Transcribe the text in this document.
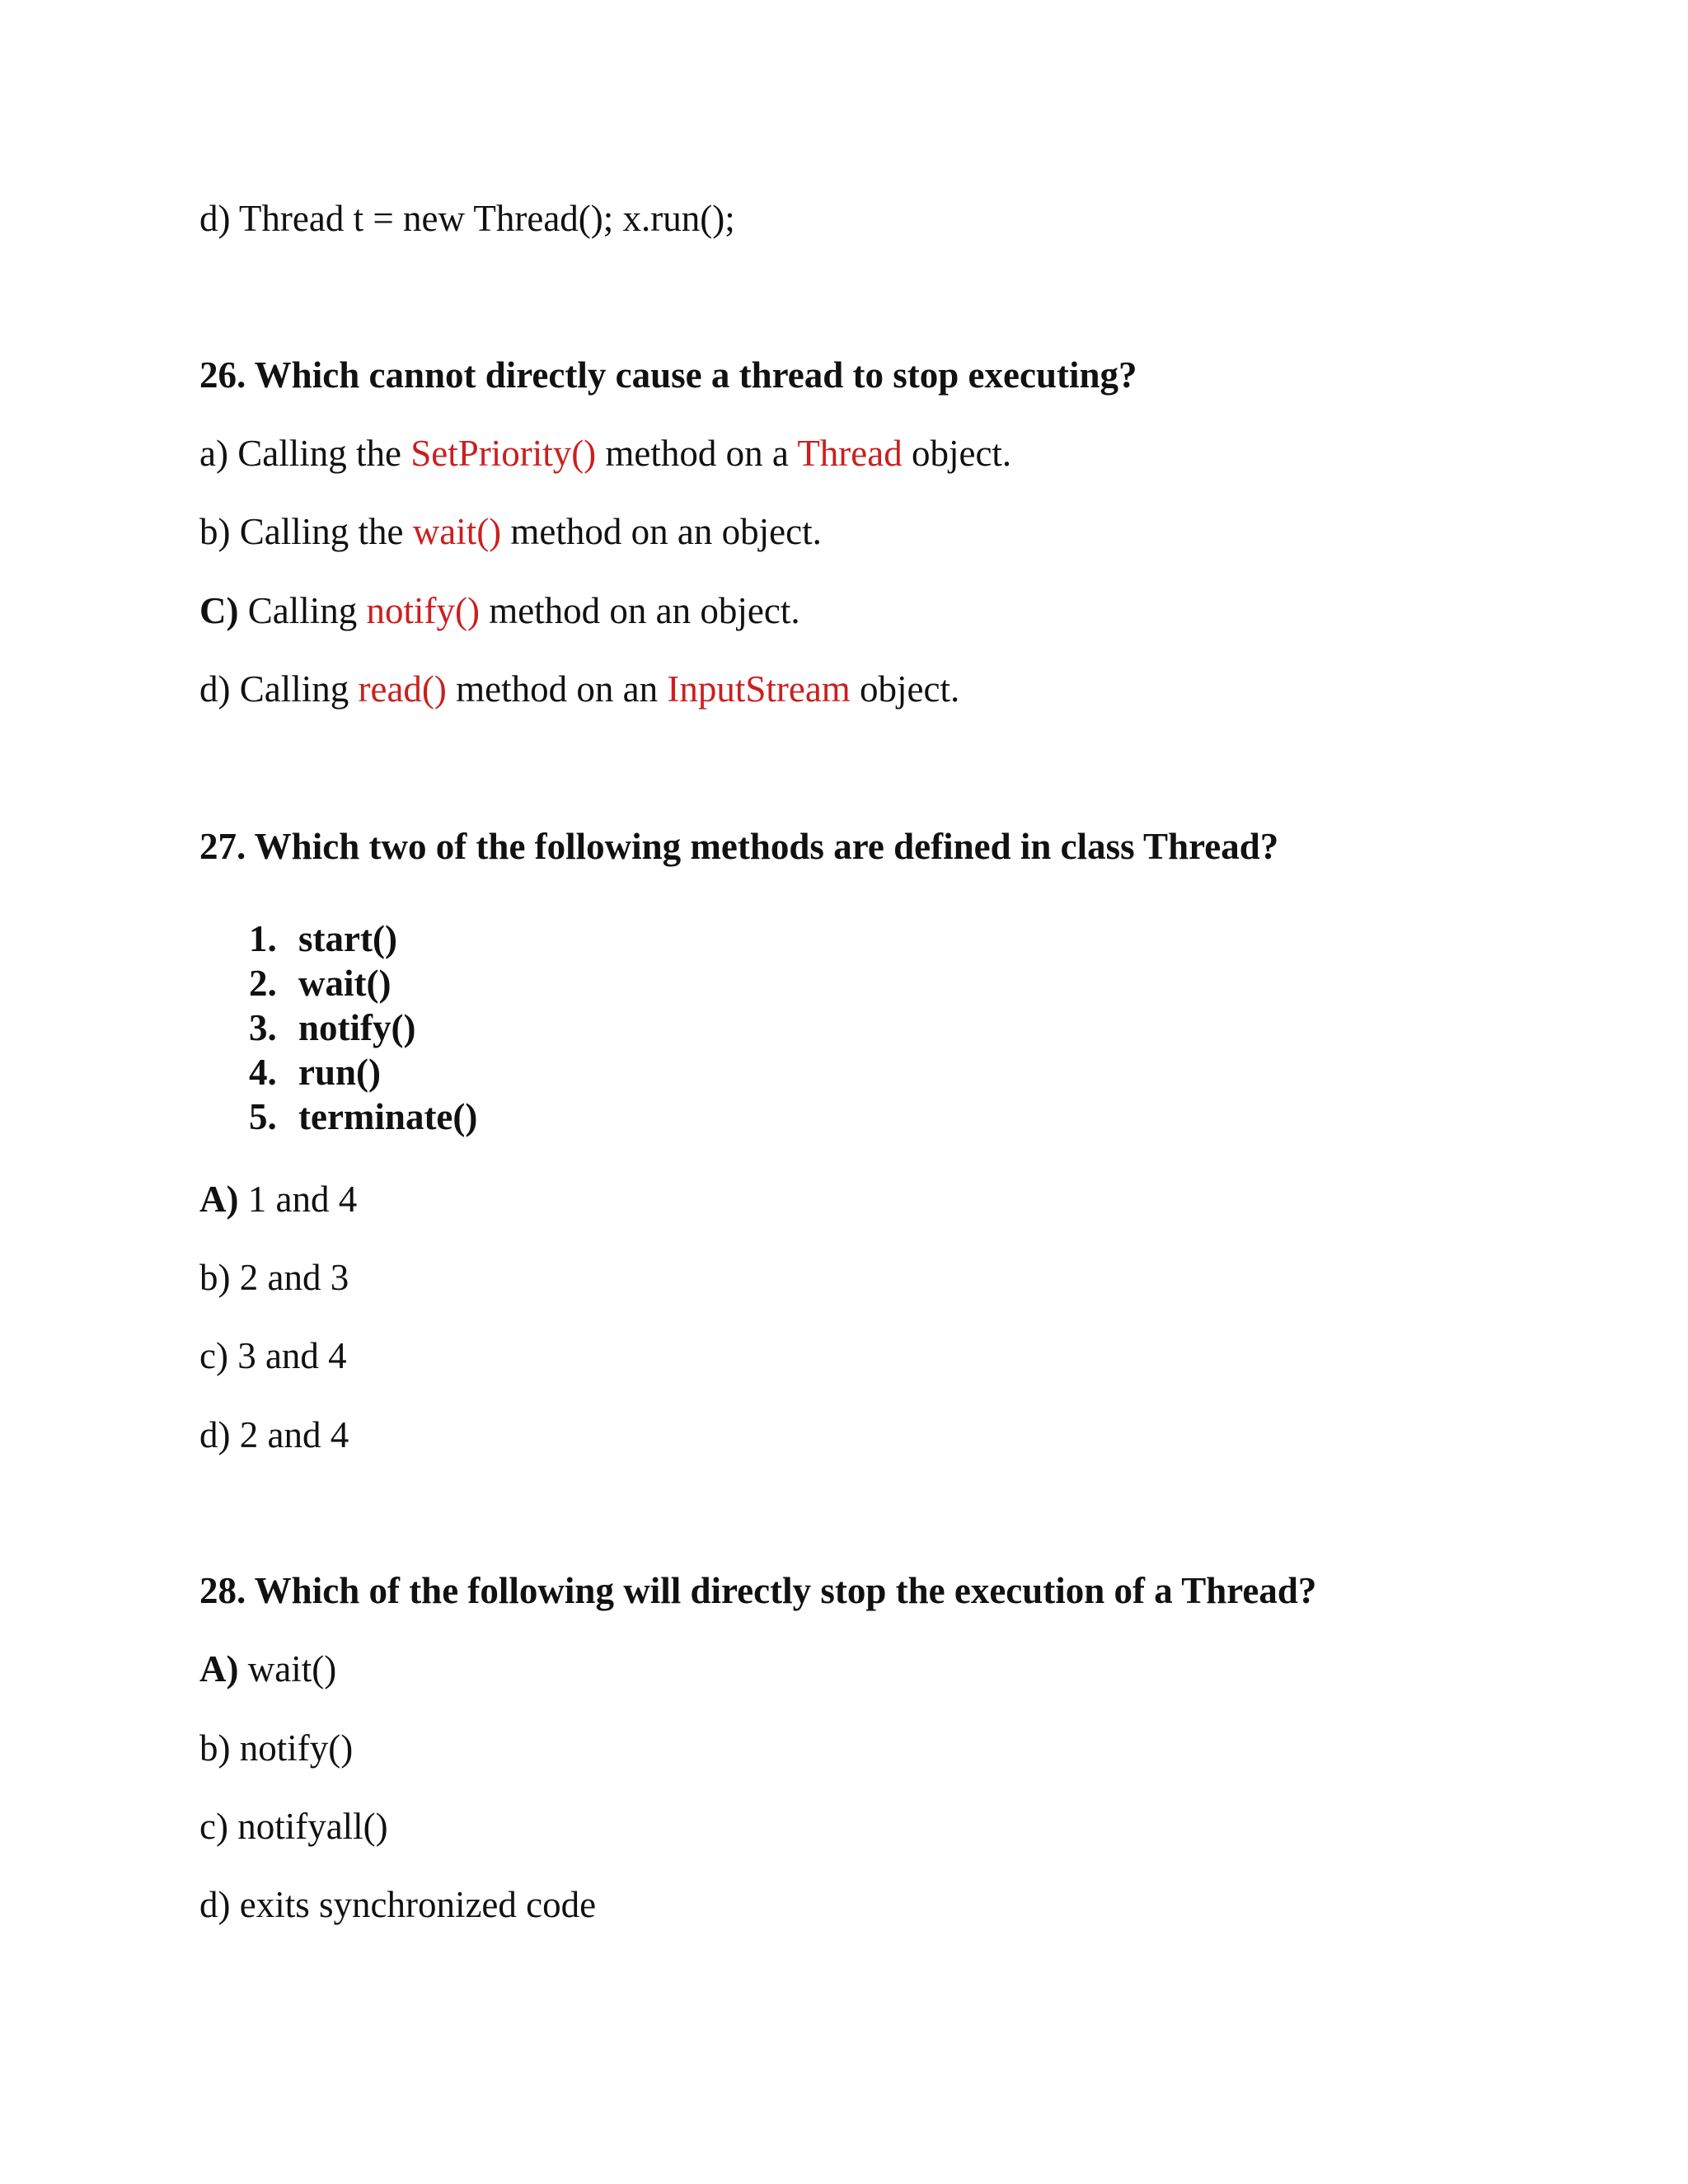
d) Thread t = new Thread(); x.run();

26. Which cannot directly cause a thread to stop executing?

a) Calling the SetPriority() method on a Thread object.

b) Calling the wait() method on an object.

C) Calling notify() method on an object.

d) Calling read() method on an InputStream object.

27. Which two of the following methods are defined in class Thread?

1. start()

2. wait()

3. notify()

4. run()

5. terminate()

A) 1 and 4

b) 2 and 3

c) 3 and 4

d) 2 and 4

28. Which of the following will directly stop the execution of a Thread?

A) wait()

b) notify()

c) notifyall()

d) exits synchronized code
